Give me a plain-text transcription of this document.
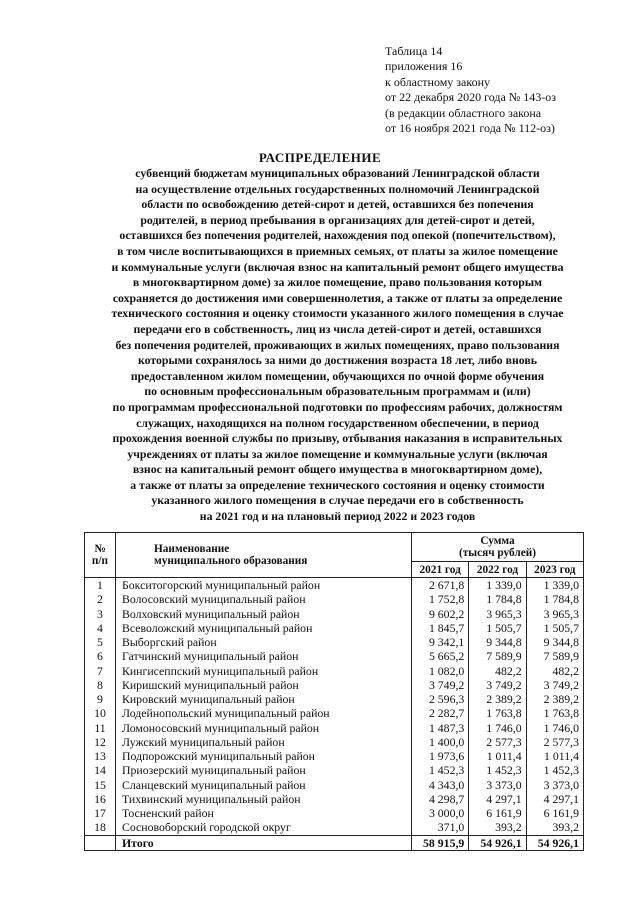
Таблица 14
приложения 16
к областному закону
от 22 декабря 2020 года № 143-оз
(в редакции областного закона
от 16 ноября 2021 года № 112-оз)
РАСПРЕДЕЛЕНИЕ
субвенций бюджетам муниципальных образований Ленинградской области
на осуществление отдельных государственных полномочий Ленинградской
области по освобождению детей-сирот и детей, оставшихся без попечения
родителей, в период пребывания в организациях для детей-сирот и детей,
оставшихся без попечения родителей, нахождения под опекой (попечительством),
в том числе воспитывающихся в приемных семьях, от платы за жилое помещение
и коммунальные услуги (включая взнос на капитальный ремонт общего имущества
в многоквартирном доме) за жилое помещение, право пользования которым
сохраняется до достижения ими совершеннолетия, а также от платы за определение
технического состояния и оценку стоимости указанного жилого помещения в случае
передачи его в собственность, лиц из числа детей-сирот и детей, оставшихся
без попечения родителей, проживающих в жилых помещениях, право пользования
которыми сохранялось за ними до достижения возраста 18 лет, либо вновь
предоставленном жилом помещении, обучающихся по очной форме обучения
по основным профессиональным образовательным программам и (или)
по программам профессиональной подготовки по профессиям рабочих, должностям
служащих, находящихся на полном государственном обеспечении, в период
прохождения военной службы по призыву, отбывания наказания в исправительных
учреждениях от платы за жилое помещение и коммунальные услуги (включая
взнос на капитальный ремонт общего имущества в многоквартирном доме),
а также от платы за определение технического состояния и оценку стоимости
указанного жилого помещения в случае передачи его в собственность
на 2021 год и на плановый период 2022 и 2023 годов
№
п/п	Наименование
муниципального образования	Сумма
(тысяч рублей)		
		2021 год	2022 год	2023 год
1	Бокситогорский муниципальный район	2 671,8	1 339,0	1 339,0
2	Волосовский муниципальный район	1 752,8	1 784,8	1 784,8
3	Волховский муниципальный район	9 602,2	3 965,3	3 965,3
4	Всеволожский муниципальный район	1 845,7	1 505,7	1 505,7
5	Выборгский район	9 342,1	9 344,8	9 344,8
6	Гатчинский муниципальный район	5 665,2	7 589,9	7 589,9
7	Кингисеппский муниципальный район	1 082,0	482,2	482,2
8	Киришский муниципальный район	3 749,2	3 749,2	3 749,2
9	Кировский муниципальный район	2 596,3	2 389,2	2 389,2
10	Лодейнопольский муниципальный район	2 282,7	1 763,8	1 763,8
11	Ломоносовский муниципальный район	1 487,3	1 746,0	1 746,0
12	Лужский муниципальный район	1 400,0	2 577,3	2 577,3
13	Подпорожский муниципальный район	1 973,6	1 011,4	1 011,4
14	Приозерский муниципальный район	1 452,3	1 452,3	1 452,3
15	Сланцевский муниципальный район	4 343,0	3 373,0	3 373,0
16	Тихвинский муниципальный район	4 298,7	4 297,1	4 297,1
17	Тосненский район	3 000,0	6 161,9	6 161,9
18	Сосновоборский городской округ	371,0	393,2	393,2
	Итого	58 915,9	54 926,1	54 926,1
